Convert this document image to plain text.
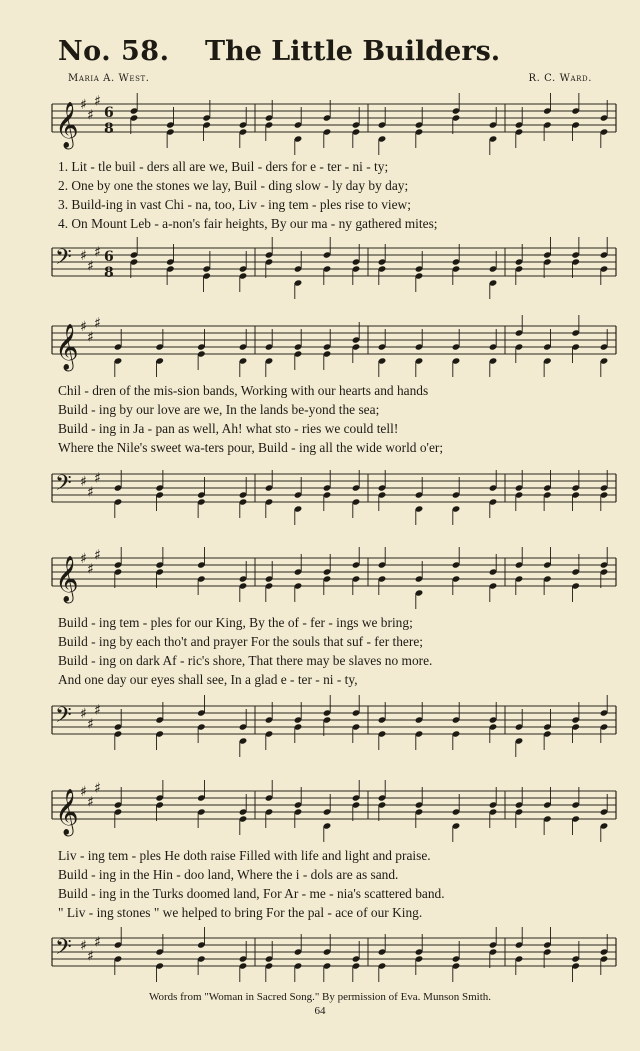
No. 58. The Little Builders.
Maria A. West.	R. C. Ward.
𝄞 ♯
♯
♯
6
8
1. Lit - tle buil - ders all are we, Buil - ders for e - ter - ni - ty;
2. One by one the stones we lay, Buil - ding slow - ly day by day;
3. Build-ing in vast Chi - na, too, Liv - ing tem - ples rise to view;
4. On Mount Leb - a-non's fair heights, By our ma - ny gathered mites;
𝄢 ♯
♯
♯ 6
8
𝄞 ♯
♯
♯
Chil - dren of the mis-sion bands, Working with our hearts and hands
Build - ing by our love are we, In the lands be-yond the sea;
Build - ing in Ja - pan as well, Ah! what sto - ries we could tell!
Where the Nile's sweet wa-ters pour, Build - ing all the wide world o'er;
𝄢 ♯
♯
♯
𝄞 ♯
♯
♯
Build - ing tem - ples for our King, By the of - fer - ings we bring;
Build - ing by each tho't and prayer For the souls that suf - fer there;
Build - ing on dark Af - ric's shore, That there may be slaves no more.
And one day our eyes shall see, In a glad e - ter - ni - ty,
𝄢 ♯
♯
♯
𝄞 ♯
♯
♯
Liv - ing tem - ples He doth raise Filled with life and light and praise.
Build - ing in the Hin - doo land, Where the i - dols are as sand.
Build - ing in the Turks doomed land, For Ar - me - nia's scattered band.
" Liv - ing stones " we helped to bring For the pal - ace of our King.
𝄢 ♯
♯
♯
Words from "Woman in Sacred Song." By permission of Eva. Munson Smith.
64
